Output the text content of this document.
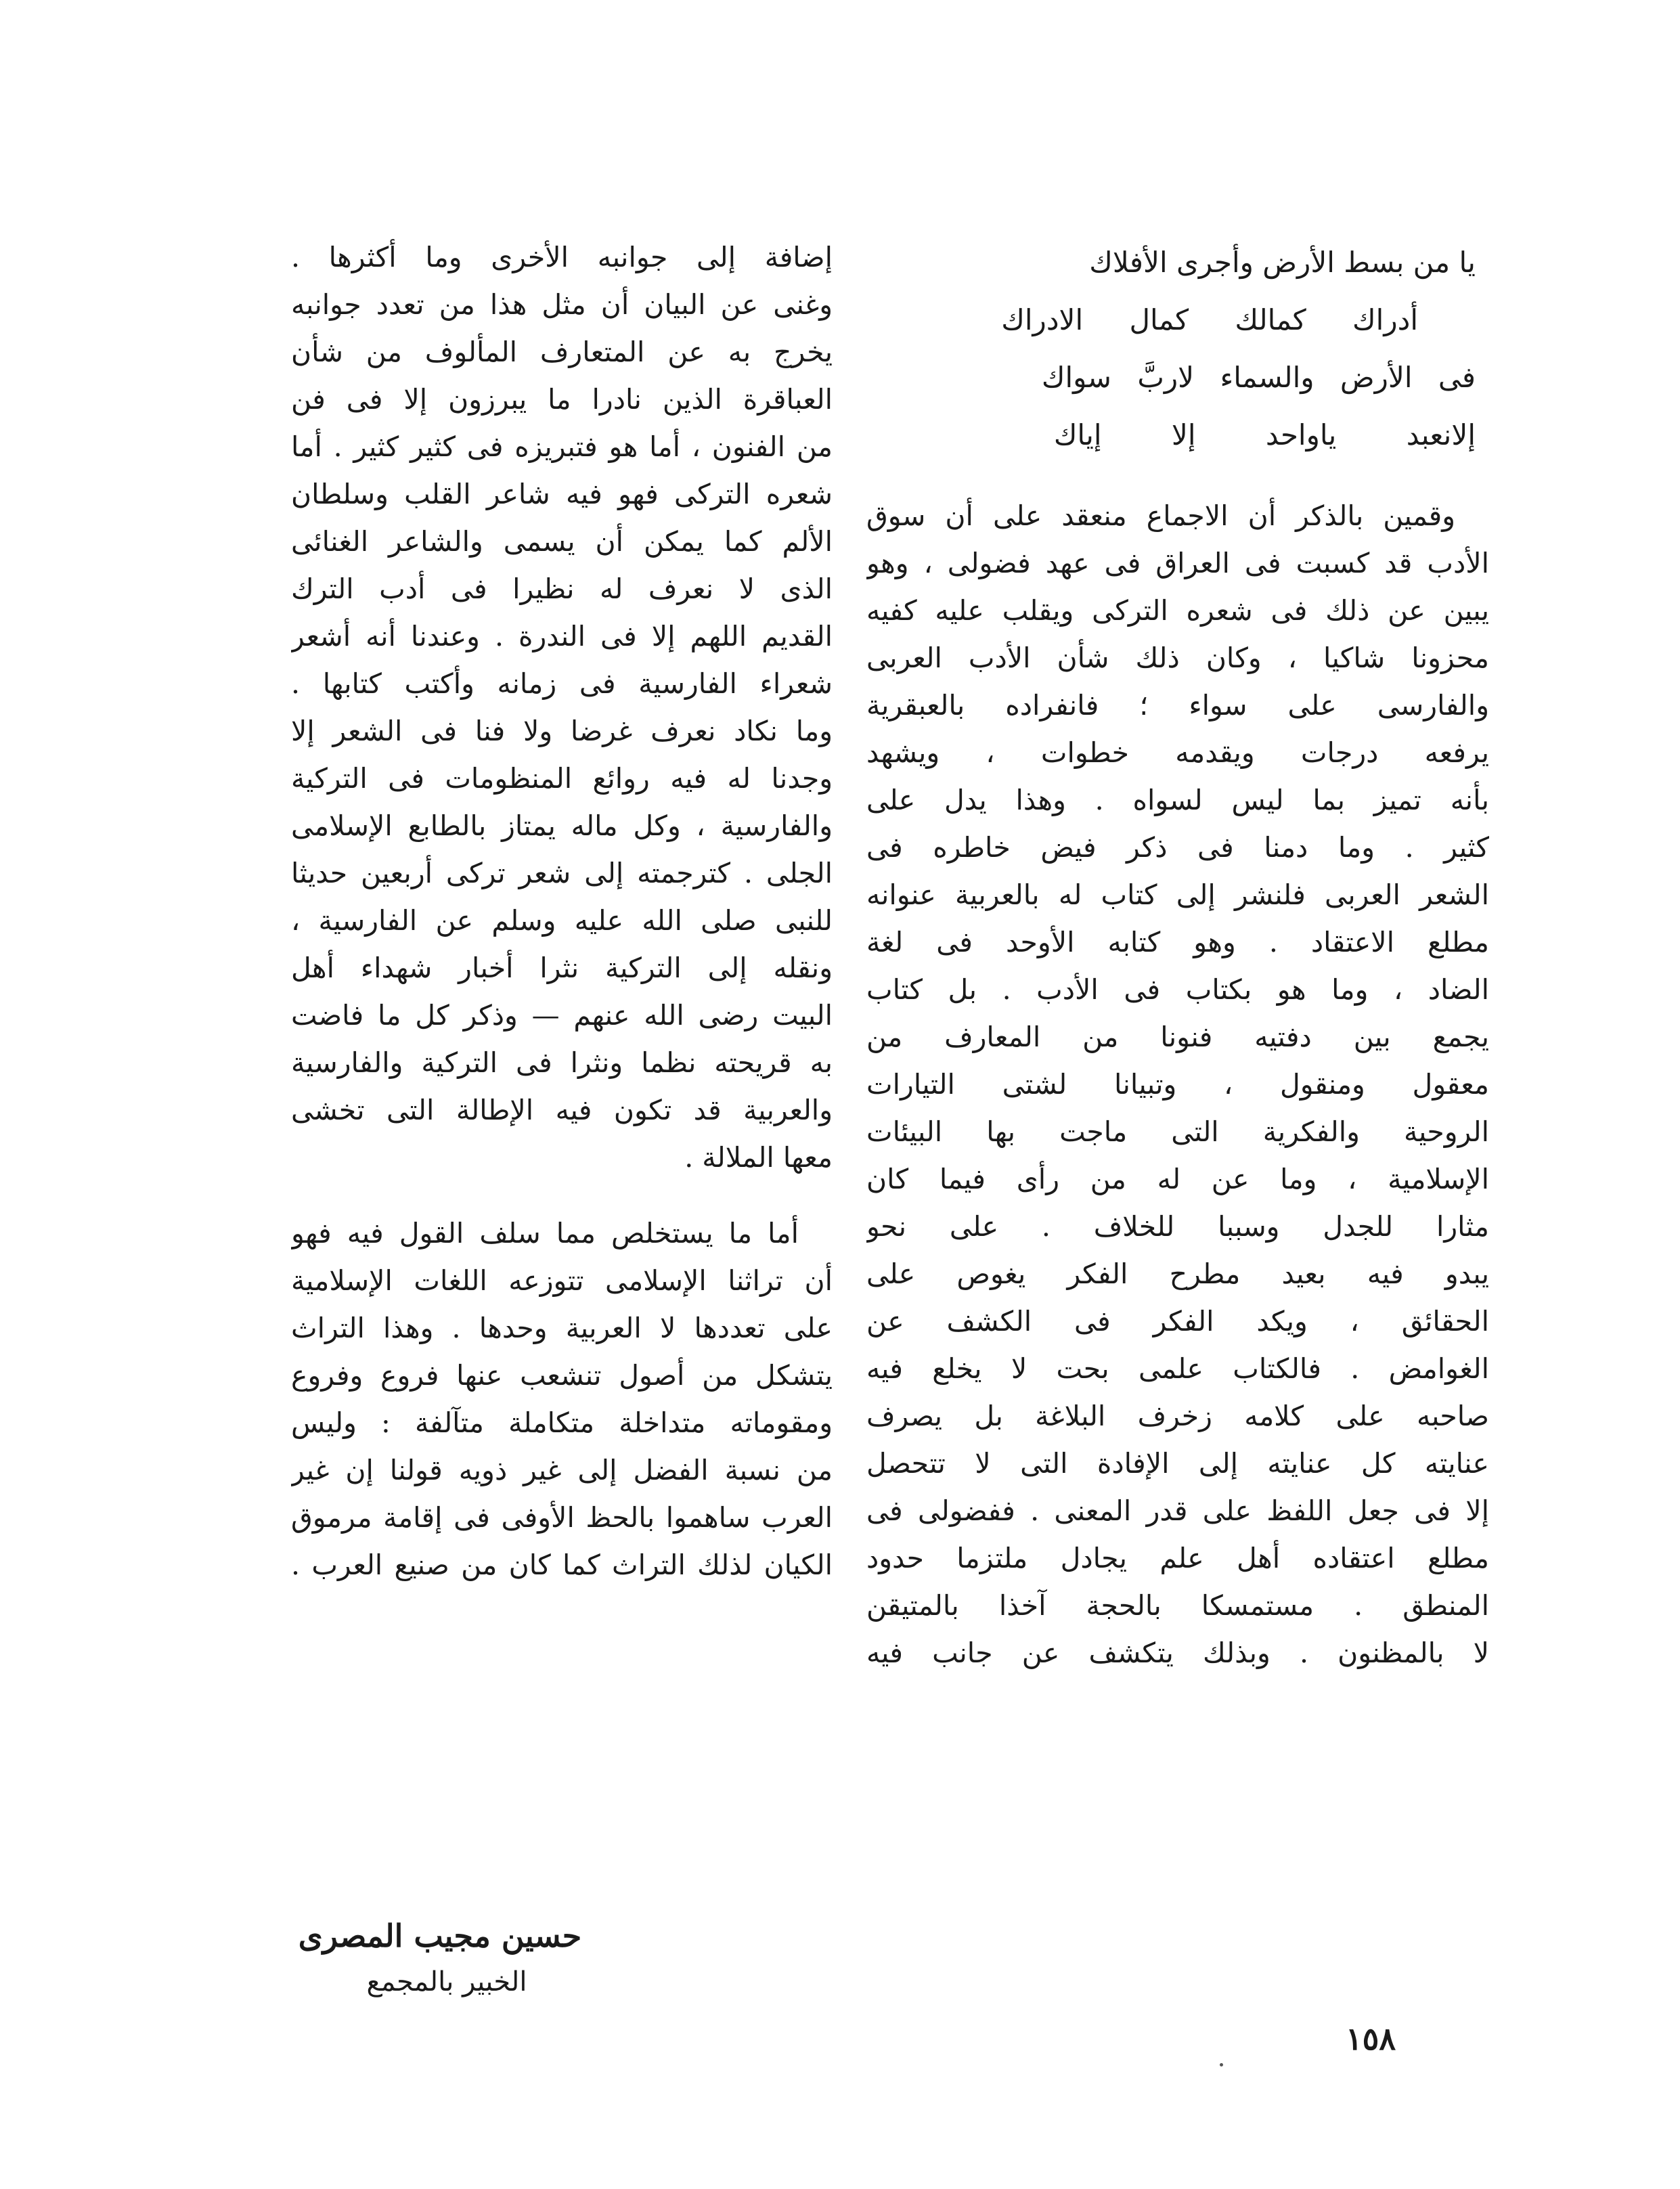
يا من بسط الأرض وأجرى الأفلاك
أدراك كمالك كمال الادراك
فى الأرض والسماء لاربَّ سواك
إلانعبد ياواحد إلا إياك
وقمين بالذكر أن الاجماع منعقد على أن سوق
الأدب قد كسبت فى العراق فى عهد فضولى ، وهو
يبين عن ذلك فى شعره التركى ويقلب عليه كفيه
محزونا شاكيا ، وكان ذلك شأن الأدب العربى
والفارسى على سواء ؛ فانفراده بالعبقرية
يرفعه درجات ويقدمه خطوات ، ويشهد
بأنه تميز بما ليس لسواه . وهذا يدل على
كثير . وما دمنا فى ذكر فيض خاطره فى
الشعر العربى فلنشر إلى كتاب له بالعربية عنوانه
مطلع الاعتقاد . وهو كتابه الأوحد فى لغة
الضاد ، وما هو بكتاب فى الأدب . بل كتاب
يجمع بين دفتيه فنونا من المعارف من
معقول ومنقول ، وتبيانا لشتى التيارات
الروحية والفكرية التى ماجت بها البيئات
الإسلامية ، وما عن له من رأى فيما كان
مثارا للجدل وسببا للخلاف . على نحو
يبدو فيه بعيد مطرح الفكر يغوص على
الحقائق ، ويكد الفكر فى الكشف عن
الغوامض . فالكتاب علمى بحت لا يخلع فيه
صاحبه على كلامه زخرف البلاغة بل يصرف
عنايته كل عنايته إلى الإفادة التى لا تتحصل
إلا فى جعل اللفظ على قدر المعنى . ففضولى فى
مطلع اعتقاده أهل علم يجادل ملتزما حدود
المنطق . مستمسكا بالحجة آخذا بالمتيقن
لا بالمظنون . وبذلك يتكشف عن جانب فيه
إضافة إلى جوانبه الأخرى وما أكثرها .
وغنى عن البيان أن مثل هذا من تعدد جوانبه
يخرج به عن المتعارف المألوف من شأن
العباقرة الذين نادرا ما يبرزون إلا فى فن
من الفنون ، أما هو فتبريزه فى كثير كثير . أما
شعره التركى فهو فيه شاعر القلب وسلطان
الألم كما يمكن أن يسمى والشاعر الغنائى
الذى لا نعرف له نظيرا فى أدب الترك
القديم اللهم إلا فى الندرة . وعندنا أنه أشعر
شعراء الفارسية فى زمانه وأكتب كتابها .
وما نكاد نعرف غرضا ولا فنا فى الشعر إلا
وجدنا له فيه روائع المنظومات فى التركية
والفارسية ، وكل ماله يمتاز بالطابع الإسلامى
الجلى . كترجمته إلى شعر تركى أربعين حديثا
للنبى صلى الله عليه وسلم عن الفارسية ،
ونقله إلى التركية نثرا أخبار شهداء أهل
البيت رضى الله عنهم — وذكر كل ما فاضت
به قريحته نظما ونثرا فى التركية والفارسية
والعربية قد تكون فيه الإطالة التى تخشى
معها الملالة .
أما ما يستخلص مما سلف القول فيه فهو
أن تراثنا الإسلامى تتوزعه اللغات الإسلامية
على تعددها لا العربية وحدها . وهذا التراث
يتشكل من أصول تنشعب عنها فروع وفروع
ومقوماته متداخلة متكاملة متآلفة : وليس
من نسبة الفضل إلى غير ذويه قولنا إن غير
العرب ساهموا بالحظ الأوفى فى إقامة مرموق
الكيان لذلك التراث كما كان من صنيع العرب .
حسين مجيب المصرى
الخبير بالمجمع
١٥٨
